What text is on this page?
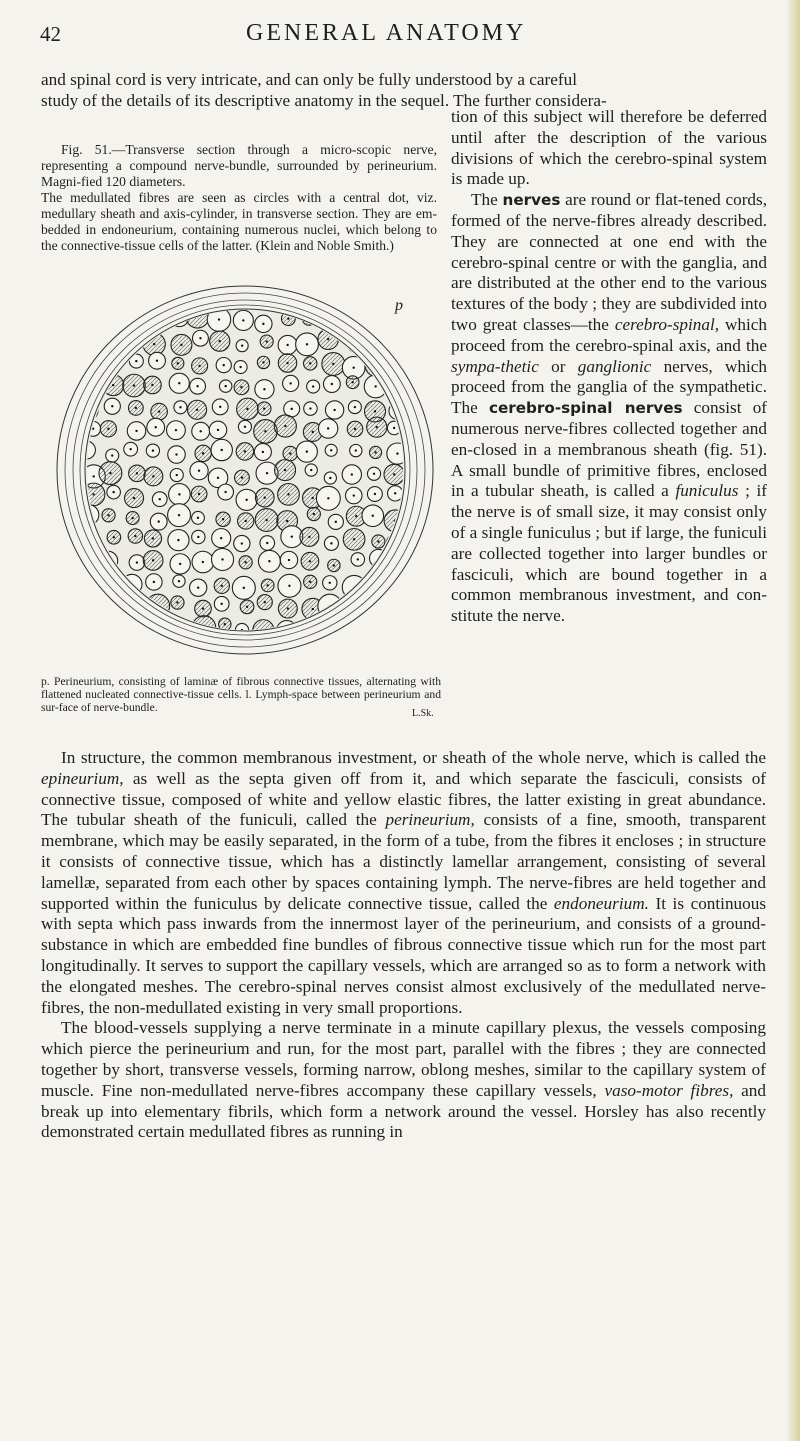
42	GENERAL ANATOMY

and spinal cord is very intricate, and can only be fully understood by a careful

study of the details of its descriptive anatomy in the sequel. The further considera-

Fig. 51.—Transverse section through a micro-scopic nerve, representing a compound nerve-bundle, surrounded by perineurium. Magni-fied 120 diameters.

The medullated fibres are seen as circles with a central dot, viz. medullary sheath and axis-cylinder, in transverse section. They are em-bedded in endoneurium, containing numerous nuclei, which belong to the connective-tissue cells of the latter. (Klein and Noble Smith.)

p
p. Perineurium, consisting of laminæ of fibrous connective tissues, alternating with flattened nucleated connective-tissue cells. l. Lymph-space between perineurium and sur-face of nerve-bundle.	L.Sk.

tion of this subject will therefore be deferred until after the description of the various divisions of which the cerebro-spinal system is made up.

The nerves are round or flat-tened cords, formed of the nerve-fibres already described. They are connected at one end with the cerebro-spinal centre or with the ganglia, and are distributed at the other end to the various textures of the body ; they are subdivided into two great classes—the cerebro-spinal, which proceed from the cerebro-spinal axis, and the sympa-thetic or ganglionic nerves, which proceed from the ganglia of the sympathetic. The cerebro-spinal nerves consist of numerous nerve-fibres collected together and en-closed in a membranous sheath (fig. 51). A small bundle of primitive fibres, enclosed in a tubular sheath, is called a funiculus ; if the nerve is of small size, it may consist only of a single funiculus ; but if large, the funiculi are collected together into larger bundles or fasciculi, which are bound together in a common membranous investment, and con-stitute the nerve.

In structure, the common membranous investment, or sheath of the whole nerve, which is called the epineurium, as well as the septa given off from it, and which separate the fasciculi, consists of connective tissue, composed of white and yellow elastic fibres, the latter existing in great abundance. The tubular sheath of the funiculi, called the perineurium, consists of a fine, smooth, transparent membrane, which may be easily separated, in the form of a tube, from the fibres it encloses ; in structure it consists of connective tissue, which has a distinctly lamellar arrangement, consisting of several lamellæ, separated from each other by spaces containing lymph. The nerve-fibres are held together and supported within the funiculus by delicate connective tissue, called the endoneurium. It is continuous with septa which pass inwards from the innermost layer of the perineurium, and consists of a ground-substance in which are embedded fine bundles of fibrous connective tissue which run for the most part longitudinally. It serves to support the capillary vessels, which are arranged so as to form a network with the elongated meshes. The cerebro-spinal nerves consist almost exclusively of the medullated nerve-fibres, the non-medullated existing in very small proportions.

The blood-vessels supplying a nerve terminate in a minute capillary plexus, the vessels composing which pierce the perineurium and run, for the most part, parallel with the fibres ; they are connected together by short, transverse vessels, forming narrow, oblong meshes, similar to the capillary system of muscle. Fine non-medullated nerve-fibres accompany these capillary vessels, vaso-motor fibres, and break up into elementary fibrils, which form a network around the vessel. Horsley has also recently demonstrated certain medullated fibres as running in
